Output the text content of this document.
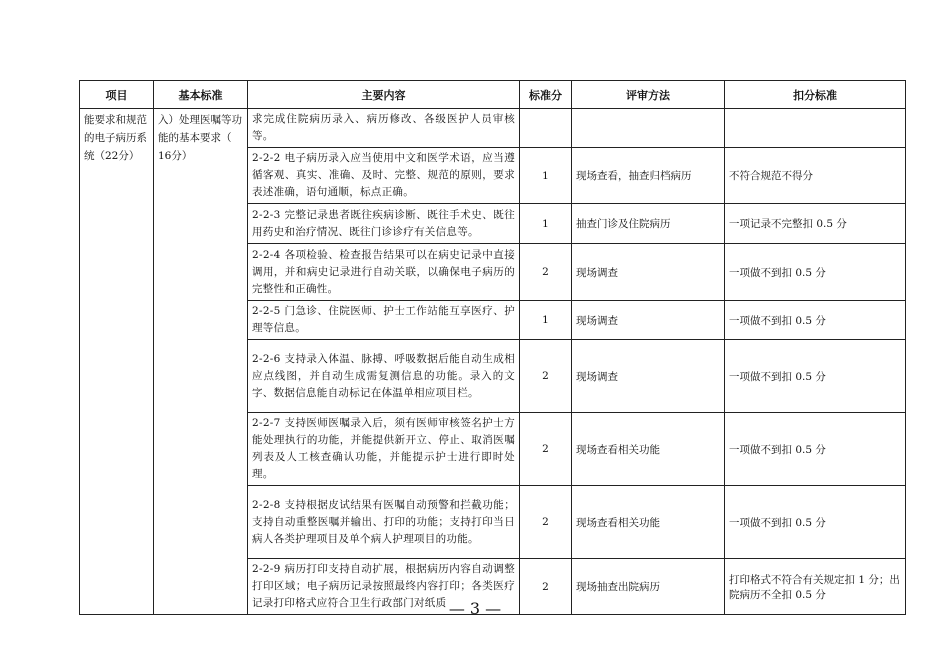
项目	基本标准	主要内容	标准分	评审方法	扣分标准
能要求和规范的电子病历系统（22分）	入）处理医嘱等功能的基本要求（ 16分）	求完成住院病历录入、病历修改、各级医护人员审核等。			
		2-2-2 电子病历录入应当使用中文和医学术语，应当遵循客观、真实、准确、及时、完整、规范的原则，要求表述准确，语句通顺，标点正确。	1	现场查看，抽查归档病历	不符合规范不得分
		2-2-3 完整记录患者既往疾病诊断、既往手术史、既往用药史和治疗情况、既往门诊诊疗有关信息等。	1	抽查门诊及住院病历	一项记录不完整扣 0.5 分
		2-2-4 各项检验、检查报告结果可以在病史记录中直接调用，并和病史记录进行自动关联，以确保电子病历的完整性和正确性。	2	现场调查	一项做不到扣 0.5 分
		2-2-5 门急诊、住院医师、护士工作站能互享医疗、护理等信息。	1	现场调查	一项做不到扣 0.5 分
		2-2-6 支持录入体温、脉搏、呼吸数据后能自动生成相应点线图，并自动生成需复测信息的功能。录入的文字、数据信息能自动标记在体温单相应项目栏。	2	现场调查	一项做不到扣 0.5 分
		2-2-7 支持医师医嘱录入后，须有医师审核签名护士方能处理执行的功能，并能提供新开立、停止、取消医嘱列表及人工核查确认功能，并能提示护士进行即时处理。	2	现场查看相关功能	一项做不到扣 0.5 分
		2-2-8 支持根据皮试结果有医嘱自动预警和拦截功能；支持自动重整医嘱并输出、打印的功能；支持打印当日病人各类护理项目及单个病人护理项目的功能。	2	现场查看相关功能	一项做不到扣 0.5 分
		2-2-9 病历打印支持自动扩展，根据病历内容自动调整打印区域；电子病历记录按照最终内容打印；各类医疗记录打印格式应符合卫生行政部门对纸质	2	现场抽查出院病历	打印格式不符合有关规定扣 1 分；出院病历不全扣 0.5 分
— 3 —
